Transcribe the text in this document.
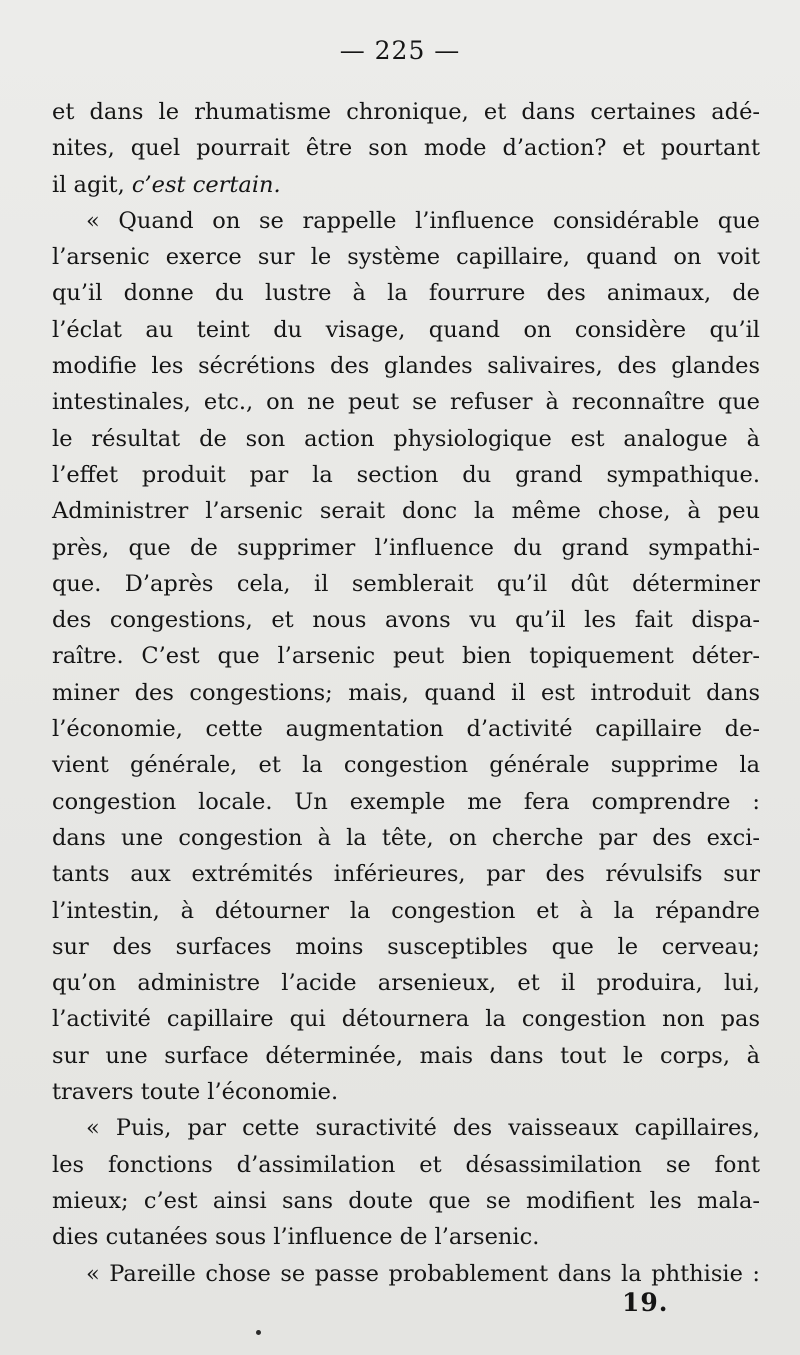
— 225 —
et dans le rhumatisme chronique, et dans certaines adé-
nites, quel pourrait être son mode d’action? et pourtant
il agit, c’est certain.
« Quand on se rappelle l’influence considérable que
l’arsenic exerce sur le système capillaire, quand on voit
qu’il donne du lustre à la fourrure des animaux, de
l’éclat au teint du visage, quand on considère qu’il
modifie les sécrétions des glandes salivaires, des glandes
intestinales, etc., on ne peut se refuser à reconnaître que
le résultat de son action physiologique est analogue à
l’effet produit par la section du grand sympathique.
Administrer l’arsenic serait donc la même chose, à peu
près, que de supprimer l’influence du grand sympathi-
que. D’après cela, il semblerait qu’il dût déterminer
des congestions, et nous avons vu qu’il les fait dispa-
raître. C’est que l’arsenic peut bien topiquement déter-
miner des congestions; mais, quand il est introduit dans
l’économie, cette augmentation d’activité capillaire de-
vient générale, et la congestion générale supprime la
congestion locale. Un exemple me fera comprendre :
dans une congestion à la tête, on cherche par des exci-
tants aux extrémités inférieures, par des révulsifs sur
l’intestin, à détourner la congestion et à la répandre
sur des surfaces moins susceptibles que le cerveau;
qu’on administre l’acide arsenieux, et il produira, lui,
l’activité capillaire qui détournera la congestion non pas
sur une surface déterminée, mais dans tout le corps, à
travers toute l’économie.
« Puis, par cette suractivité des vaisseaux capillaires,
les fonctions d’assimilation et désassimilation se font
mieux; c’est ainsi sans doute que se modifient les mala-
dies cutanées sous l’influence de l’arsenic.
« Pareille chose se passe probablement dans la phthisie :
19.
